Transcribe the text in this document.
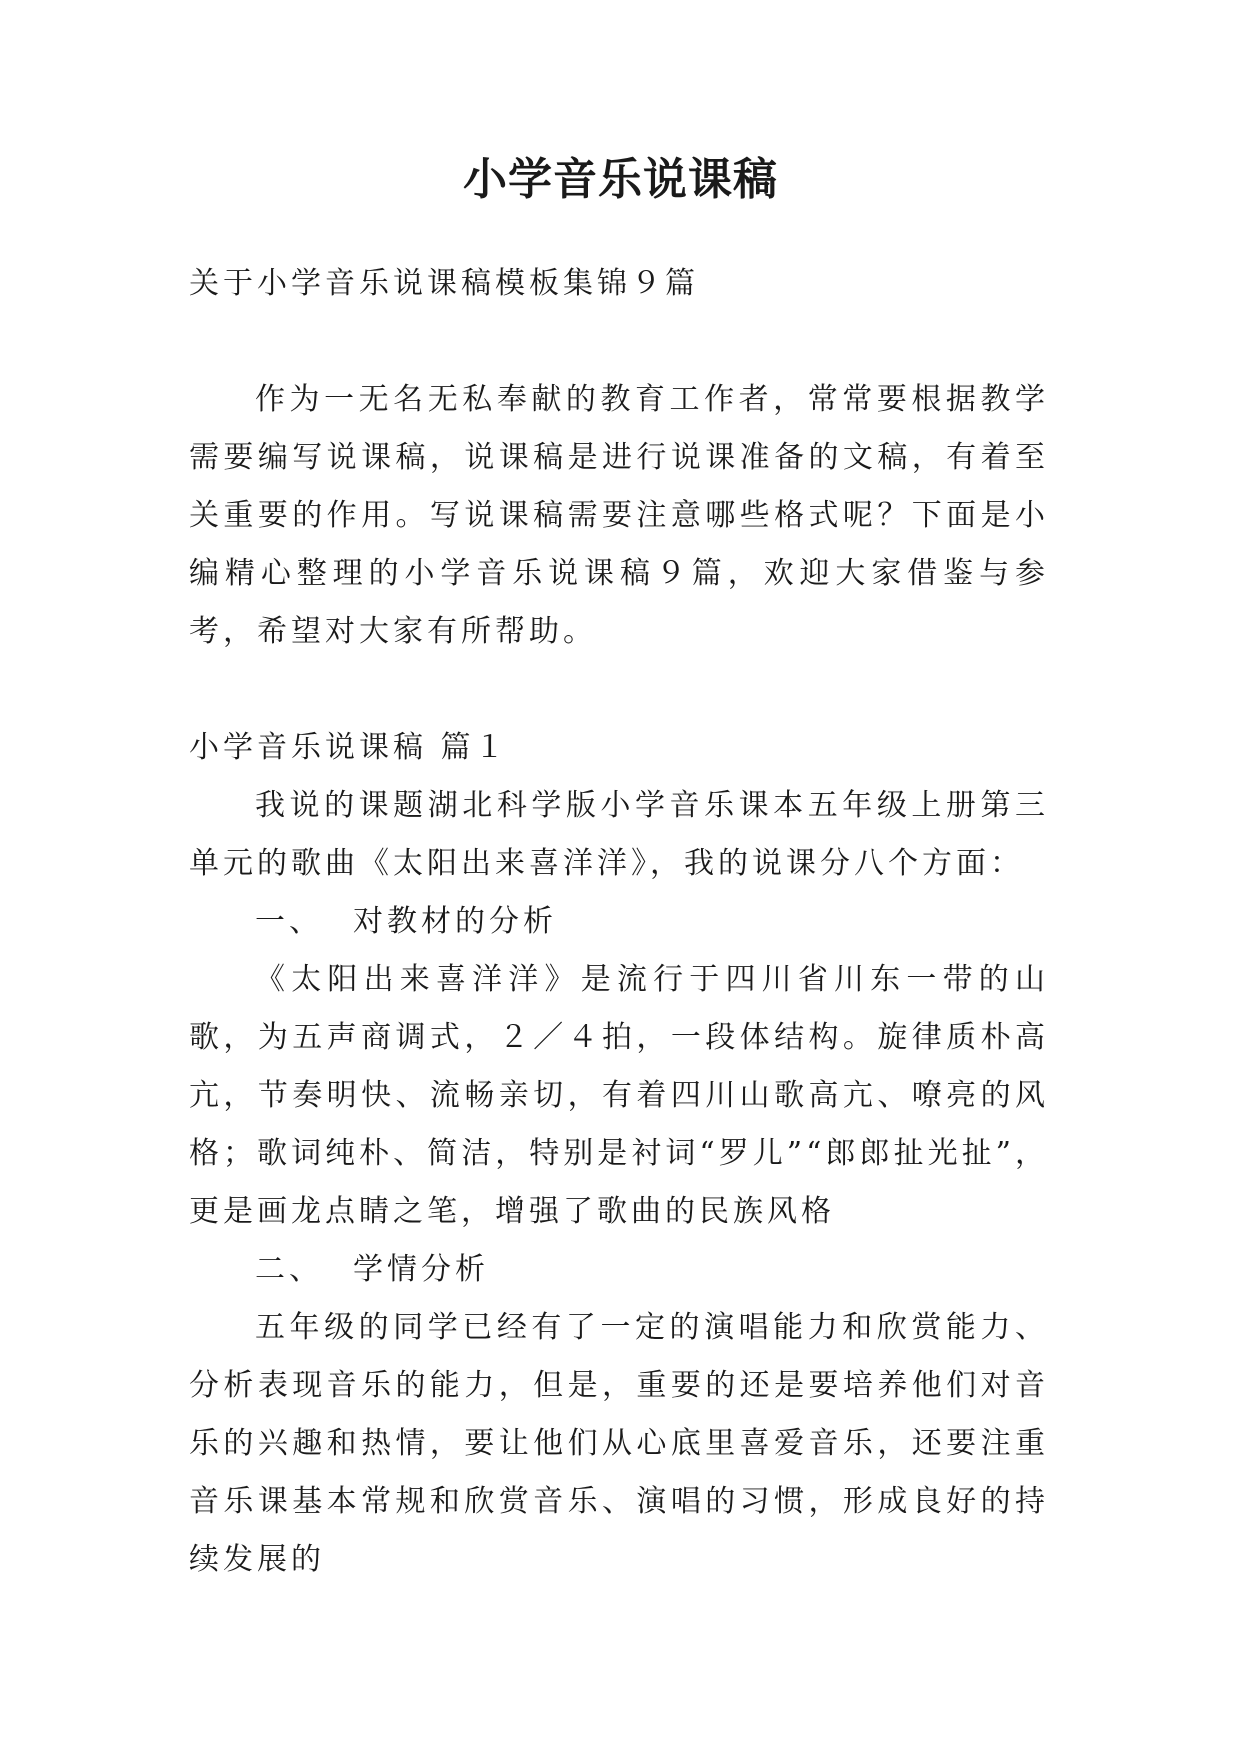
小学音乐说课稿

关于小学音乐说课稿模板集锦９篇

作为一无名无私奉献的教育工作者，常常要根据教学需要编写说课稿，说课稿是进行说课准备的文稿，有着至关重要的作用。写说课稿需要注意哪些格式呢？下面是小编精心整理的小学音乐说课稿９篇，欢迎大家借鉴与参考，希望对大家有所帮助。

小学音乐说课稿 篇１

我说的课题湖北科学版小学音乐课本五年级上册第三单元的歌曲《太阳出来喜洋洋》，我的说课分八个方面：

一、 对教材的分析

《太阳出来喜洋洋》是流行于四川省川东一带的山歌，为五声商调式，２／４拍，一段体结构。旋律质朴高亢，节奏明快、流畅亲切，有着四川山歌高亢、嘹亮的风格；歌词纯朴、简洁，特别是衬词“罗儿”“郎郎扯光扯”，更是画龙点睛之笔，增强了歌曲的民族风格

二、 学情分析

五年级的同学已经有了一定的演唱能力和欣赏能力、分析表现音乐的能力，但是，重要的还是要培养他们对音乐的兴趣和热情，要让他们从心底里喜爱音乐，还要注重音乐课基本常规和欣赏音乐、演唱的习惯，形成良好的持续发展的
